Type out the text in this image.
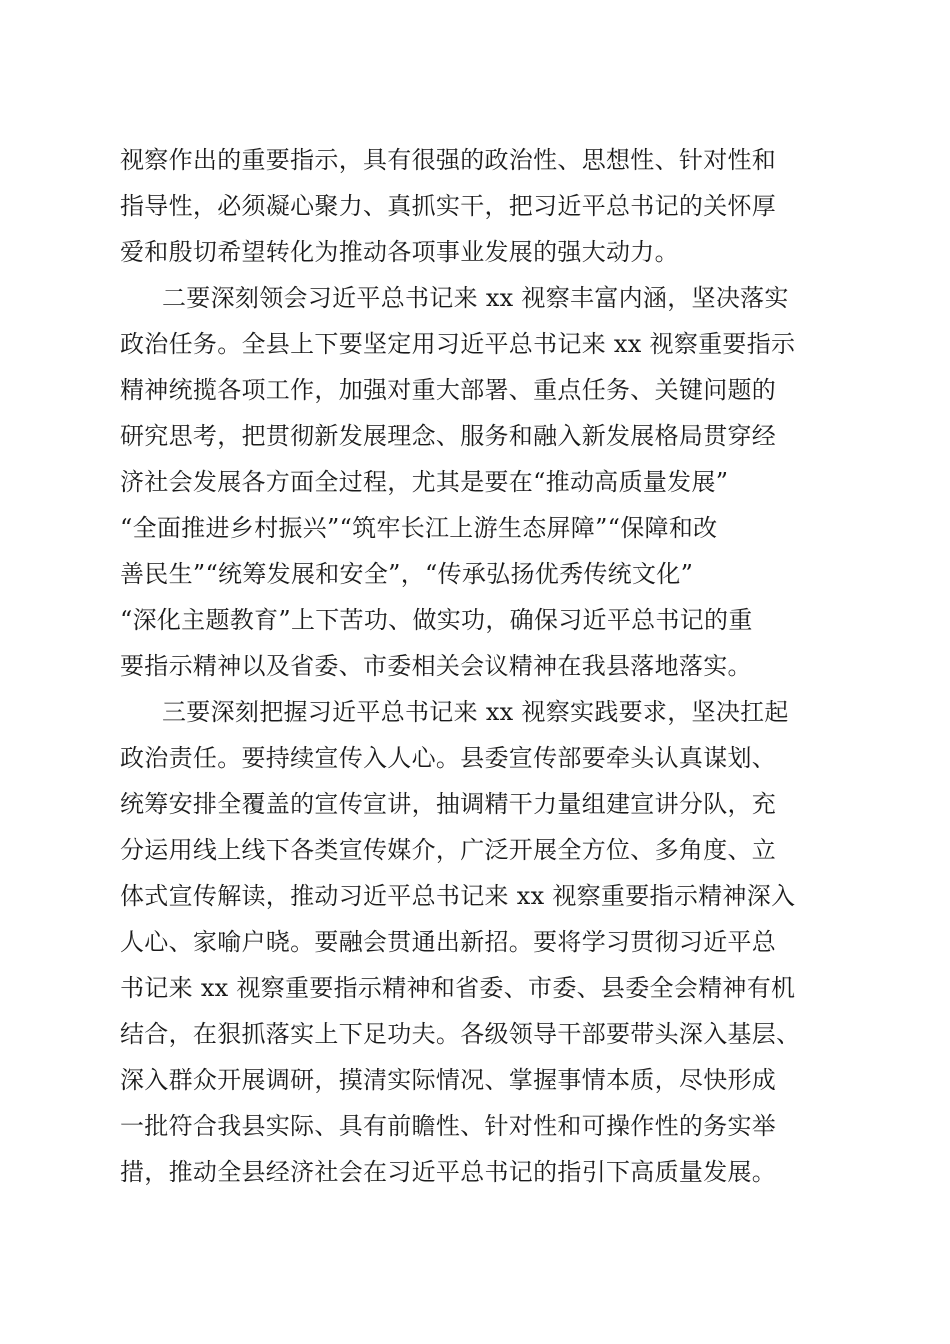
视察作出的重要指示，具有很强的政治性、思想性、针对性和
指导性，必须凝心聚力、真抓实干，把习近平总书记的关怀厚
爱和殷切希望转化为推动各项事业发展的强大动力。
二要深刻领会习近平总书记来 xx 视察丰富内涵，坚决落实
政治任务。全县上下要坚定用习近平总书记来 xx 视察重要指示
精神统揽各项工作，加强对重大部署、重点任务、关键问题的
研究思考，把贯彻新发展理念、服务和融入新发展格局贯穿经
济社会发展各方面全过程，尤其是要在“推动高质量发展”
“全面推进乡村振兴”“筑牢长江上游生态屏障”“保障和改
善民生”“统筹发展和安全”，“传承弘扬优秀传统文化”
“深化主题教育”上下苦功、做实功，确保习近平总书记的重
要指示精神以及省委、市委相关会议精神在我县落地落实。
三要深刻把握习近平总书记来 xx 视察实践要求，坚决扛起
政治责任。要持续宣传入人心。县委宣传部要牵头认真谋划、
统筹安排全覆盖的宣传宣讲，抽调精干力量组建宣讲分队，充
分运用线上线下各类宣传媒介，广泛开展全方位、多角度、立
体式宣传解读，推动习近平总书记来 xx 视察重要指示精神深入
人心、家喻户晓。要融会贯通出新招。要将学习贯彻习近平总
书记来 xx 视察重要指示精神和省委、市委、县委全会精神有机
结合，在狠抓落实上下足功夫。各级领导干部要带头深入基层、
深入群众开展调研，摸清实际情况、掌握事情本质，尽快形成
一批符合我县实际、具有前瞻性、针对性和可操作性的务实举
措，推动全县经济社会在习近平总书记的指引下高质量发展。
